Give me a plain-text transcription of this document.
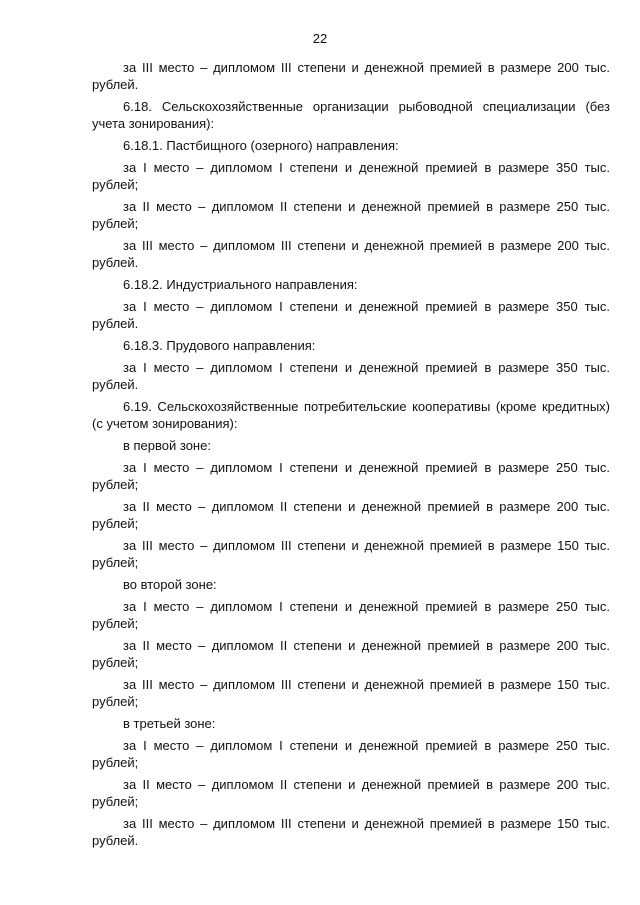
22

за III место – дипломом III степени и денежной премией в размере 200 тыс. рублей.

6.18. Сельскохозяйственные организации рыбоводной специализации (без учета зонирования):

6.18.1. Пастбищного (озерного) направления:

за I место – дипломом I степени и денежной премией в размере 350 тыс. рублей;

за II место – дипломом II степени и денежной премией в размере 250 тыс. рублей;

за III место – дипломом III степени и денежной премией в размере 200 тыс. рублей.

6.18.2. Индустриального направления:

за I место – дипломом I степени и денежной премией в размере 350 тыс. рублей.

6.18.3. Прудового направления:

за I место – дипломом I степени и денежной премией в размере 350 тыс. рублей.

6.19. Сельскохозяйственные потребительские кооперативы (кроме кредитных) (с учетом зонирования):

в первой зоне:

за I место – дипломом I степени и денежной премией в размере 250 тыс. рублей;

за II место – дипломом II степени и денежной премией в размере 200 тыс. рублей;

за III место – дипломом III степени и денежной премией в размере 150 тыс. рублей;

во второй зоне:

за I место – дипломом I степени и денежной премией в размере 250 тыс. рублей;

за II место – дипломом II степени и денежной премией в размере 200 тыс. рублей;

за III место – дипломом III степени и денежной премией в размере 150 тыс. рублей;

в третьей зоне:

за I место – дипломом I степени и денежной премией в размере 250 тыс. рублей;

за II место – дипломом II степени и денежной премией в размере 200 тыс. рублей;

за III место – дипломом III степени и денежной премией в размере 150 тыс. рублей.
